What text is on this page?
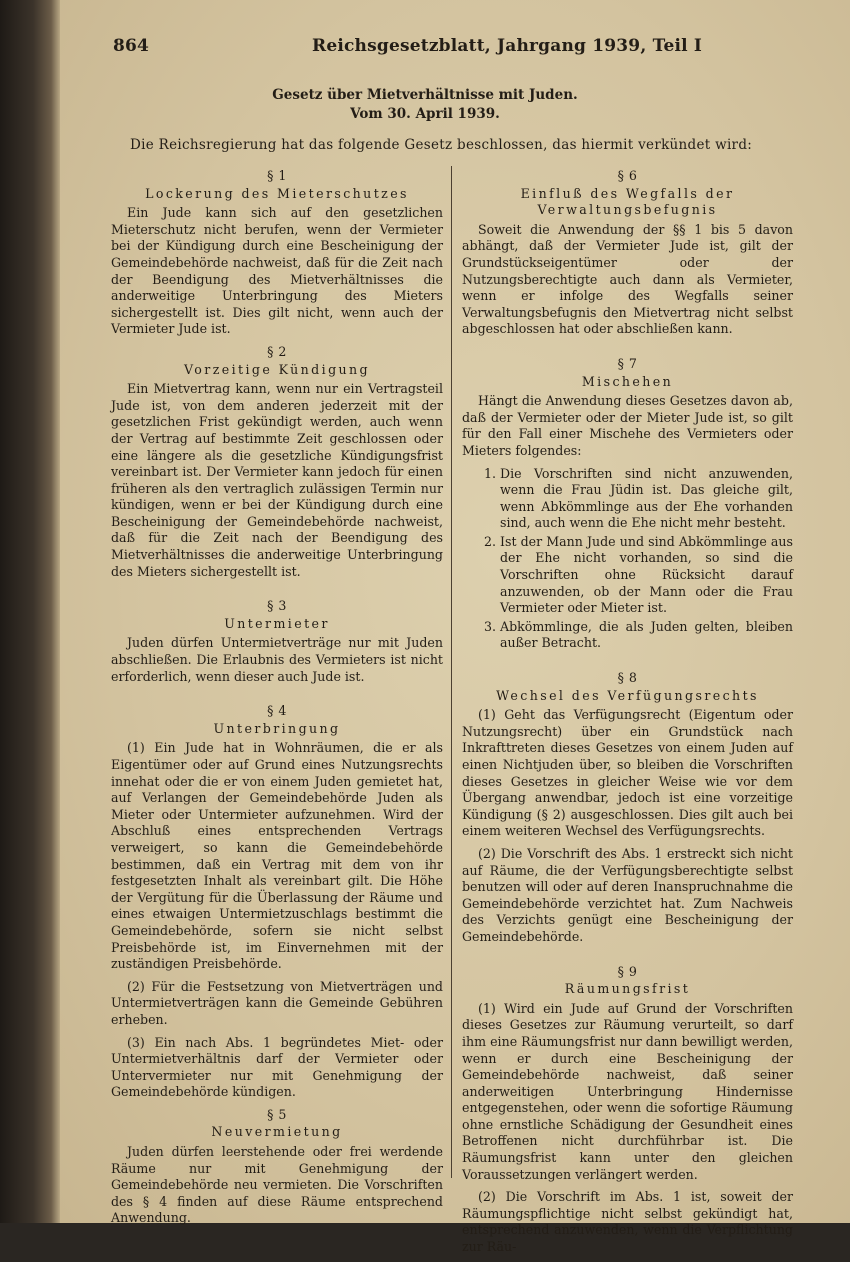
864	Reichsgesetzblatt, Jahrgang 1939, Teil I
Gesetz über Mietverhältnisse mit Juden.
Vom 30. April 1939.
Die Reichsregierung hat das folgende Gesetz beschlossen, das hiermit verkündet wird:
§ 1
Lockerung des Mieterschutzes

Ein Jude kann sich auf den gesetzlichen Mieterschutz nicht berufen, wenn der Vermieter bei der Kündigung durch eine Bescheinigung der Gemeindebehörde nachweist, daß für die Zeit nach der Beendigung des Mietverhältnisses die anderweitige Unterbringung des Mieters sichergestellt ist. Dies gilt nicht, wenn auch der Vermieter Jude ist.

§ 2
Vorzeitige Kündigung

Ein Mietvertrag kann, wenn nur ein Vertragsteil Jude ist, von dem anderen jederzeit mit der gesetzlichen Frist gekündigt werden, auch wenn der Vertrag auf bestimmte Zeit geschlossen oder eine längere als die gesetzliche Kündigungsfrist vereinbart ist. Der Vermieter kann jedoch für einen früheren als den vertraglich zulässigen Termin nur kündigen, wenn er bei der Kündigung durch eine Bescheinigung der Gemeindebehörde nachweist, daß für die Zeit nach der Beendigung des Mietverhältnisses die anderweitige Unterbringung des Mieters sichergestellt ist.

§ 3
Untermieter

Juden dürfen Untermietverträge nur mit Juden abschließen. Die Erlaubnis des Vermieters ist nicht erforderlich, wenn dieser auch Jude ist.

§ 4
Unterbringung

(1) Ein Jude hat in Wohnräumen, die er als Eigentümer oder auf Grund eines Nutzungsrechts innehat oder die er von einem Juden gemietet hat, auf Verlangen der Gemeindebehörde Juden als Mieter oder Untermieter aufzunehmen. Wird der Abschluß eines entsprechenden Vertrags verweigert, so kann die Gemeindebehörde bestimmen, daß ein Vertrag mit dem von ihr festgesetzten Inhalt als vereinbart gilt. Die Höhe der Vergütung für die Überlassung der Räume und eines etwaigen Untermietzuschlags bestimmt die Gemeindebehörde, sofern sie nicht selbst Preisbehörde ist, im Einvernehmen mit der zuständigen Preisbehörde.

(2) Für die Festsetzung von Mietverträgen und Untermietverträgen kann die Gemeinde Gebühren erheben.

(3) Ein nach Abs. 1 begründetes Miet- oder Untermietverhältnis darf der Vermieter oder Untervermieter nur mit Genehmigung der Gemeindebehörde kündigen.

§ 5
Neuvermietung

Juden dürfen leerstehende oder frei werdende Räume nur mit Genehmigung der Gemeindebehörde neu vermieten. Die Vorschriften des § 4 finden auf diese Räume entsprechend Anwendung.

§ 6
Einfluß des Wegfalls der Verwaltungsbefugnis

Soweit die Anwendung der §§ 1 bis 5 davon abhängt, daß der Vermieter Jude ist, gilt der Grundstückseigentümer oder der Nutzungsberechtigte auch dann als Vermieter, wenn er infolge des Wegfalls seiner Verwaltungsbefugnis den Mietvertrag nicht selbst abgeschlossen hat oder abschließen kann.

§ 7
Mischehen

Hängt die Anwendung dieses Gesetzes davon ab, daß der Vermieter oder der Mieter Jude ist, so gilt für den Fall einer Mischehe des Vermieters oder Mieters folgendes:

1. Die Vorschriften sind nicht anzuwenden, wenn die Frau Jüdin ist. Das gleiche gilt, wenn Abkömmlinge aus der Ehe vorhanden sind, auch wenn die Ehe nicht mehr besteht.
2. Ist der Mann Jude und sind Abkömmlinge aus der Ehe nicht vorhanden, so sind die Vorschriften ohne Rücksicht darauf anzuwenden, ob der Mann oder die Frau Vermieter oder Mieter ist.
3. Abkömmlinge, die als Juden gelten, bleiben außer Betracht.
§ 8
Wechsel des Verfügungsrechts

(1) Geht das Verfügungsrecht (Eigentum oder Nutzungsrecht) über ein Grundstück nach Inkrafttreten dieses Gesetzes von einem Juden auf einen Nichtjuden über, so bleiben die Vorschriften dieses Gesetzes in gleicher Weise wie vor dem Übergang anwendbar, jedoch ist eine vorzeitige Kündigung (§ 2) ausgeschlossen. Dies gilt auch bei einem weiteren Wechsel des Verfügungsrechts.

(2) Die Vorschrift des Abs. 1 erstreckt sich nicht auf Räume, die der Verfügungsberechtigte selbst benutzen will oder auf deren Inanspruchnahme die Gemeindebehörde verzichtet hat. Zum Nachweis des Verzichts genügt eine Bescheinigung der Gemeindebehörde.

§ 9
Räumungsfrist

(1) Wird ein Jude auf Grund der Vorschriften dieses Gesetzes zur Räumung verurteilt, so darf ihm eine Räumungsfrist nur dann bewilligt werden, wenn er durch eine Bescheinigung der Gemeindebehörde nachweist, daß seiner anderweitigen Unterbringung Hindernisse entgegenstehen, oder wenn die sofortige Räumung ohne ernstliche Schädigung der Gesundheit eines Betroffenen nicht durchführbar ist. Die Räumungsfrist kann unter den gleichen Voraussetzungen verlängert werden.

(2) Die Vorschrift im Abs. 1 ist, soweit der Räumungspflichtige nicht selbst gekündigt hat, entsprechend anzuwenden, wenn die Verpflichtung zur Räu-
